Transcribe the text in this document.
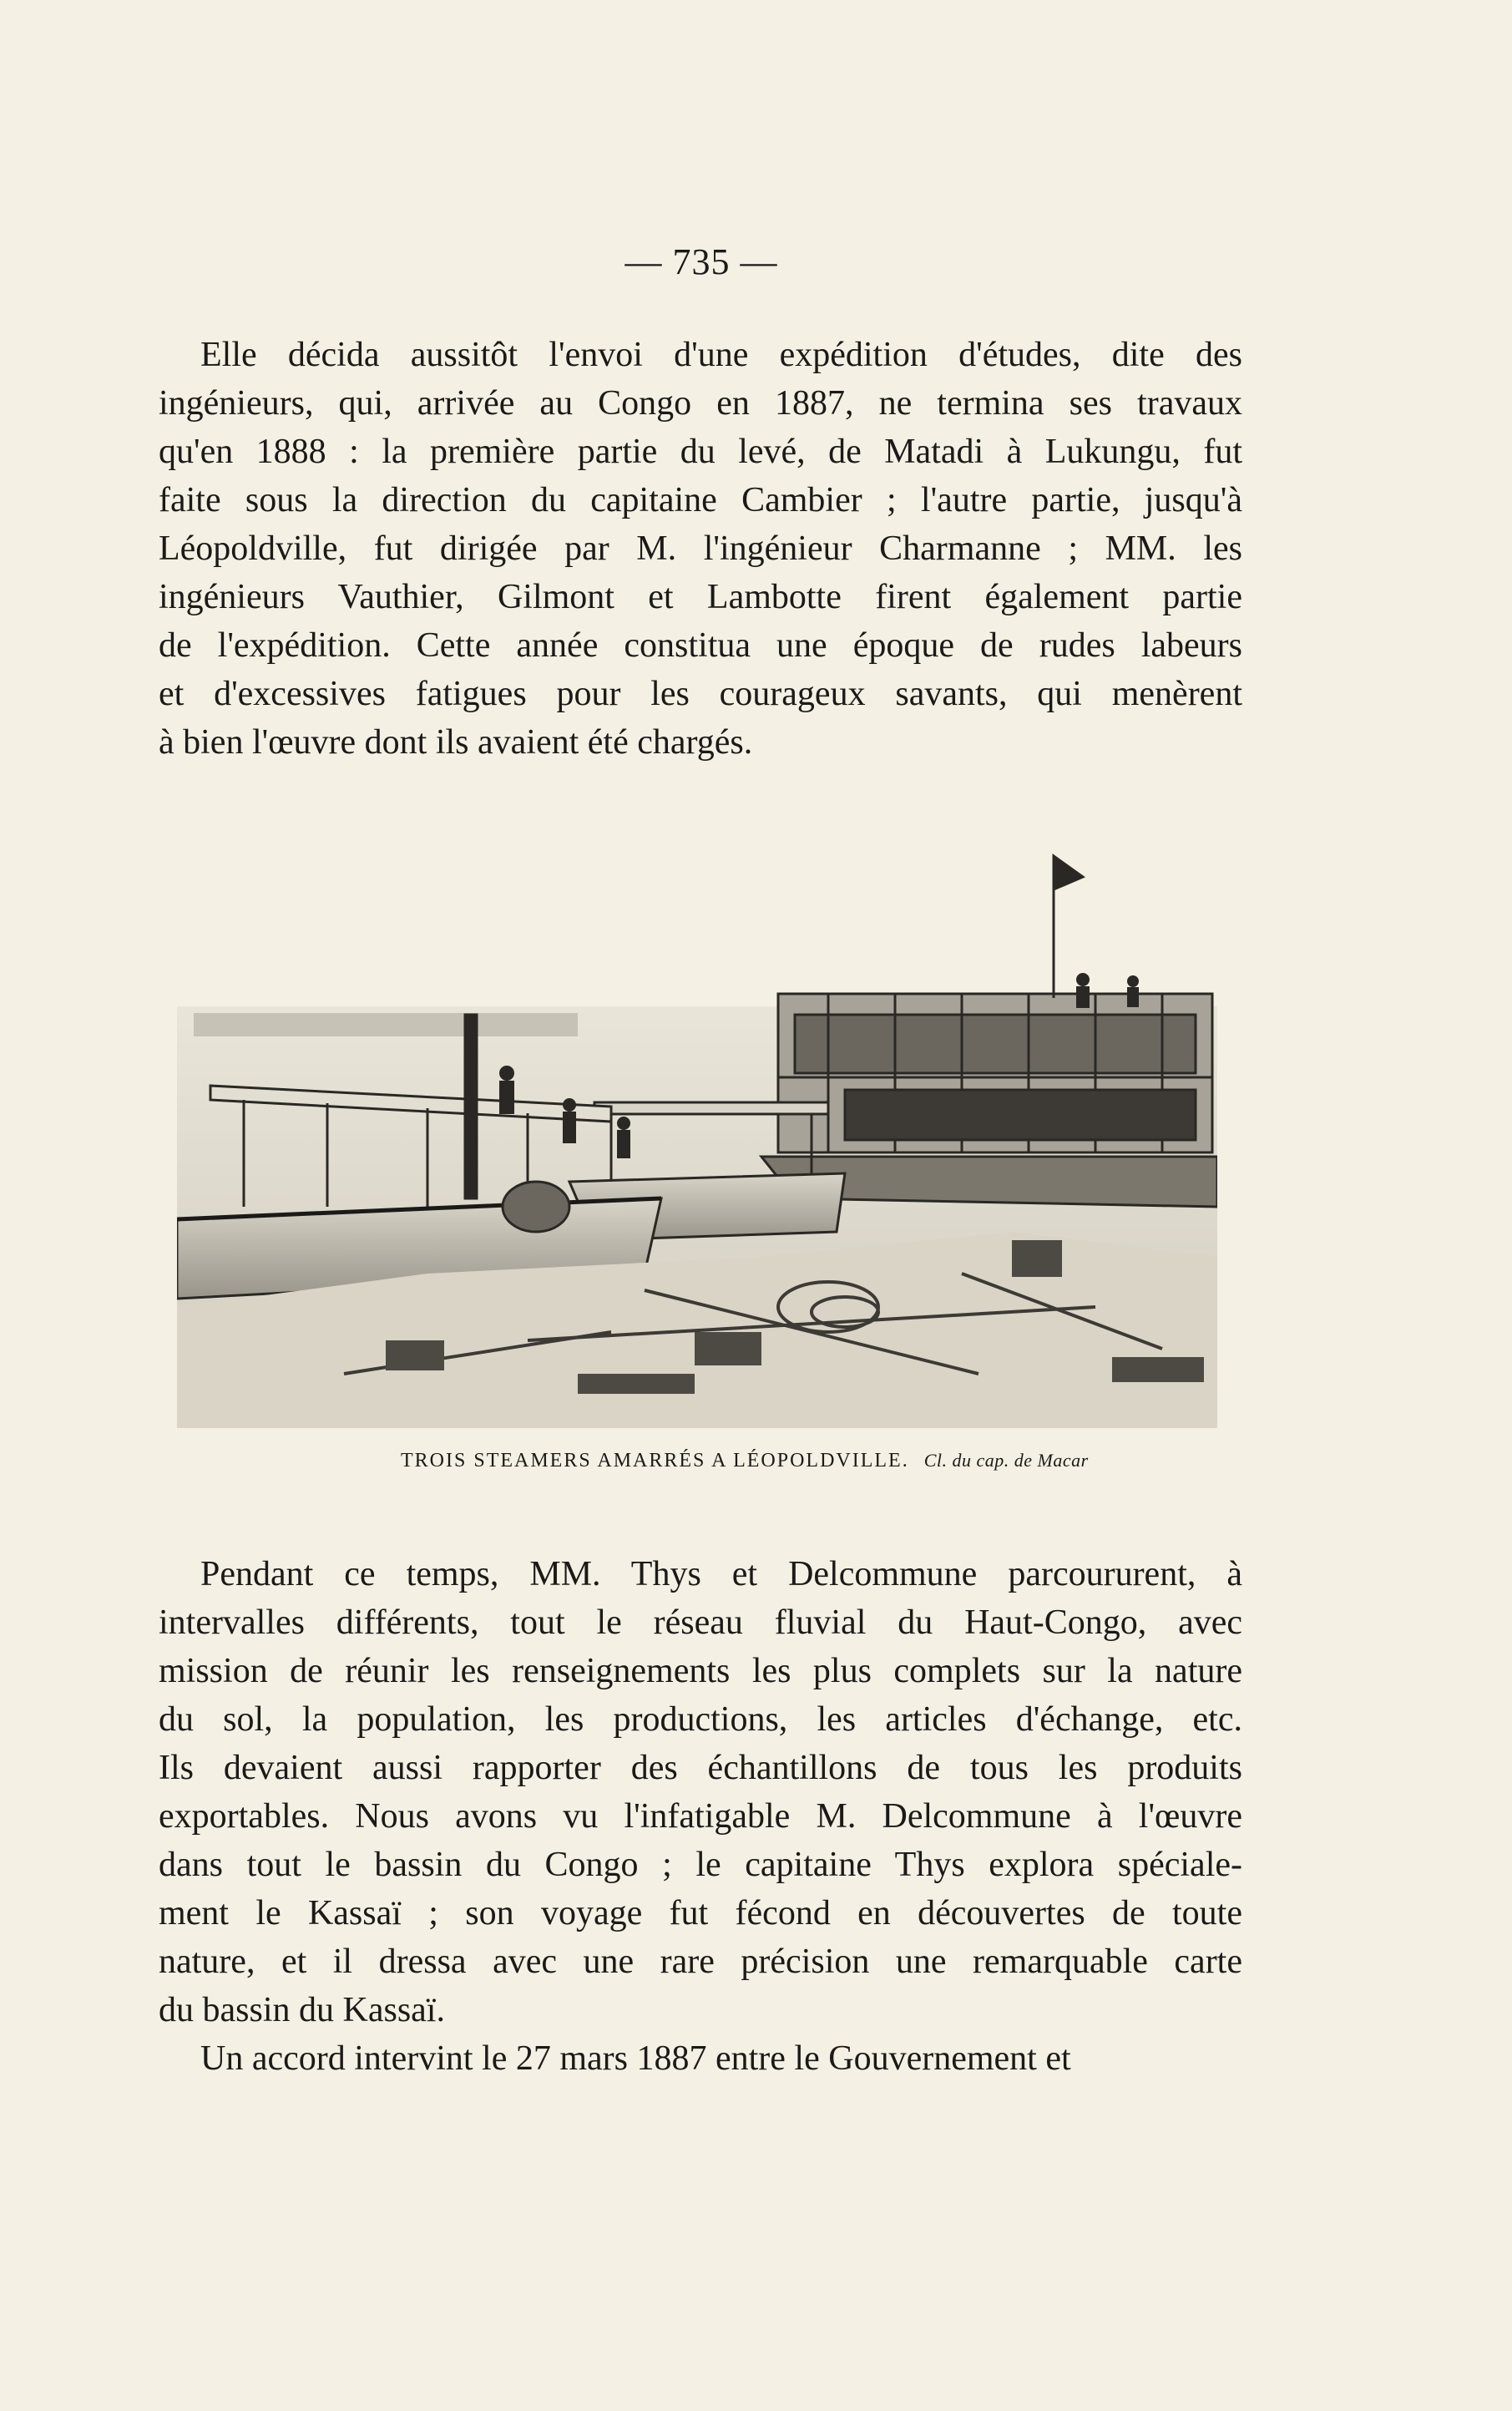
— 735 —
Elle décida aussitôt l'envoi d'une expédition d'études, dite des
ingénieurs, qui, arrivée au Congo en 1887, ne termina ses travaux
qu'en 1888 : la première partie du levé, de Matadi à Lukungu, fut
faite sous la direction du capitaine Cambier ; l'autre partie, jusqu'à
Léopoldville, fut dirigée par M. l'ingénieur Charmanne ; MM. les
ingénieurs Vauthier, Gilmont et Lambotte firent également partie
de l'expédition. Cette année constitua une époque de rudes labeurs
et d'excessives fatigues pour les courageux savants, qui menèrent
à bien l'œuvre dont ils avaient été chargés.
TROIS STEAMERS AMARRÉS A LÉOPOLDVILLE. Cl. du cap. de Macar
Pendant ce temps, MM. Thys et Delcommune parcoururent, à
intervalles différents, tout le réseau fluvial du Haut-Congo, avec
mission de réunir les renseignements les plus complets sur la nature
du sol, la population, les productions, les articles d'échange, etc.
Ils devaient aussi rapporter des échantillons de tous les produits
exportables. Nous avons vu l'infatigable M. Delcommune à l'œuvre
dans tout le bassin du Congo ; le capitaine Thys explora spéciale-
ment le Kassaï ; son voyage fut fécond en découvertes de toute
nature, et il dressa avec une rare précision une remarquable carte
du bassin du Kassaï.
Un accord intervint le 27 mars 1887 entre le Gouvernement et
